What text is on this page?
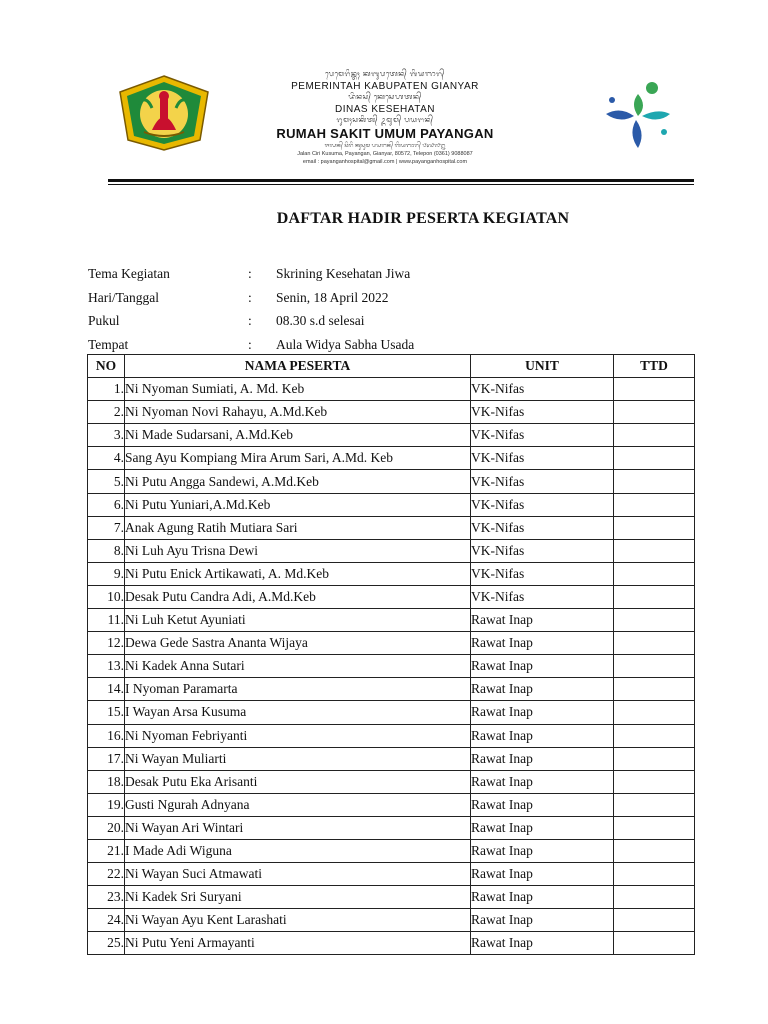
ᬧᬾᬫᬾᬭᬶᬦ᭄ᬢᬄ ᬓᬩᬸᬧᬢᬾᬦ᭄ ᬕᬶᬬᬜᬭ᭄
PEMERINTAH KABUPATEN GIANYAR
ᬤᬶᬦᬲ᭄ ᬓᬾᬲᬾᬳᬢᬦ᭄
DINAS KESEHATAN
ᬭᬸᬫᬄᬲᬓᬶᬢ᭄ ᬉᬫᬸᬫ᭄ ᬧᬬᬗᬦ᭄
RUMAH SAKIT UMUM PAYANGAN
ᬚᬮᬦ᭄ ᬘᬶᬭᬶ ᬓᬸᬲᬸᬫ ᬧᬬᬗᬦ᭄ ᬕᬶᬬᬜᬭ᭄ ᭘᭐᭙᭗᭒
Jalan Ciri Kusuma, Payangan, Gianyar, 80572, Telepon (0361) 9088087
email : payanganhospital@gmail.com | www.payanganhospital.com
DAFTAR HADIR PESERTA KEGIATAN
Tema Kegiatan	: Skrining Kesehatan Jiwa
Hari/Tanggal	: Senin, 18 April 2022
Pukul	: 08.30 s.d selesai
Tempat	: Aula Widya Sabha Usada
NO	NAMA PESERTA	UNIT	TTD
1.	Ni Nyoman Sumiati, A. Md. Keb	VK-Nifas	
2.	Ni Nyoman Novi Rahayu, A.Md.Keb	VK-Nifas	
3.	Ni Made Sudarsani, A.Md.Keb	VK-Nifas	
4.	Sang Ayu Kompiang Mira Arum Sari, A.Md. Keb	VK-Nifas	
5.	Ni Putu Angga Sandewi, A.Md.Keb	VK-Nifas	
6.	Ni Putu Yuniari,A.Md.Keb	VK-Nifas	
7.	Anak Agung Ratih Mutiara Sari	VK-Nifas	
8.	Ni Luh Ayu Trisna Dewi	VK-Nifas	
9.	Ni Putu Enick Artikawati, A. Md.Keb	VK-Nifas	
10.	Desak Putu Candra Adi, A.Md.Keb	VK-Nifas	
11.	Ni Luh Ketut Ayuniati	Rawat Inap	
12.	Dewa Gede Sastra Ananta Wijaya	Rawat Inap	
13.	Ni Kadek Anna Sutari	Rawat Inap	
14.	I Nyoman Paramarta	Rawat Inap	
15.	I Wayan Arsa Kusuma	Rawat Inap	
16.	Ni Nyoman Febriyanti	Rawat Inap	
17.	Ni Wayan Muliarti	Rawat Inap	
18.	Desak Putu Eka Arisanti	Rawat Inap	
19.	Gusti Ngurah Adnyana	Rawat Inap	
20.	Ni Wayan Ari Wintari	Rawat Inap	
21.	I Made Adi Wiguna	Rawat Inap	
22.	Ni Wayan Suci Atmawati	Rawat Inap	
23.	Ni Kadek Sri Suryani	Rawat Inap	
24.	Ni Wayan Ayu Kent Larashati	Rawat Inap	
25.	Ni Putu Yeni Armayanti	Rawat Inap	
